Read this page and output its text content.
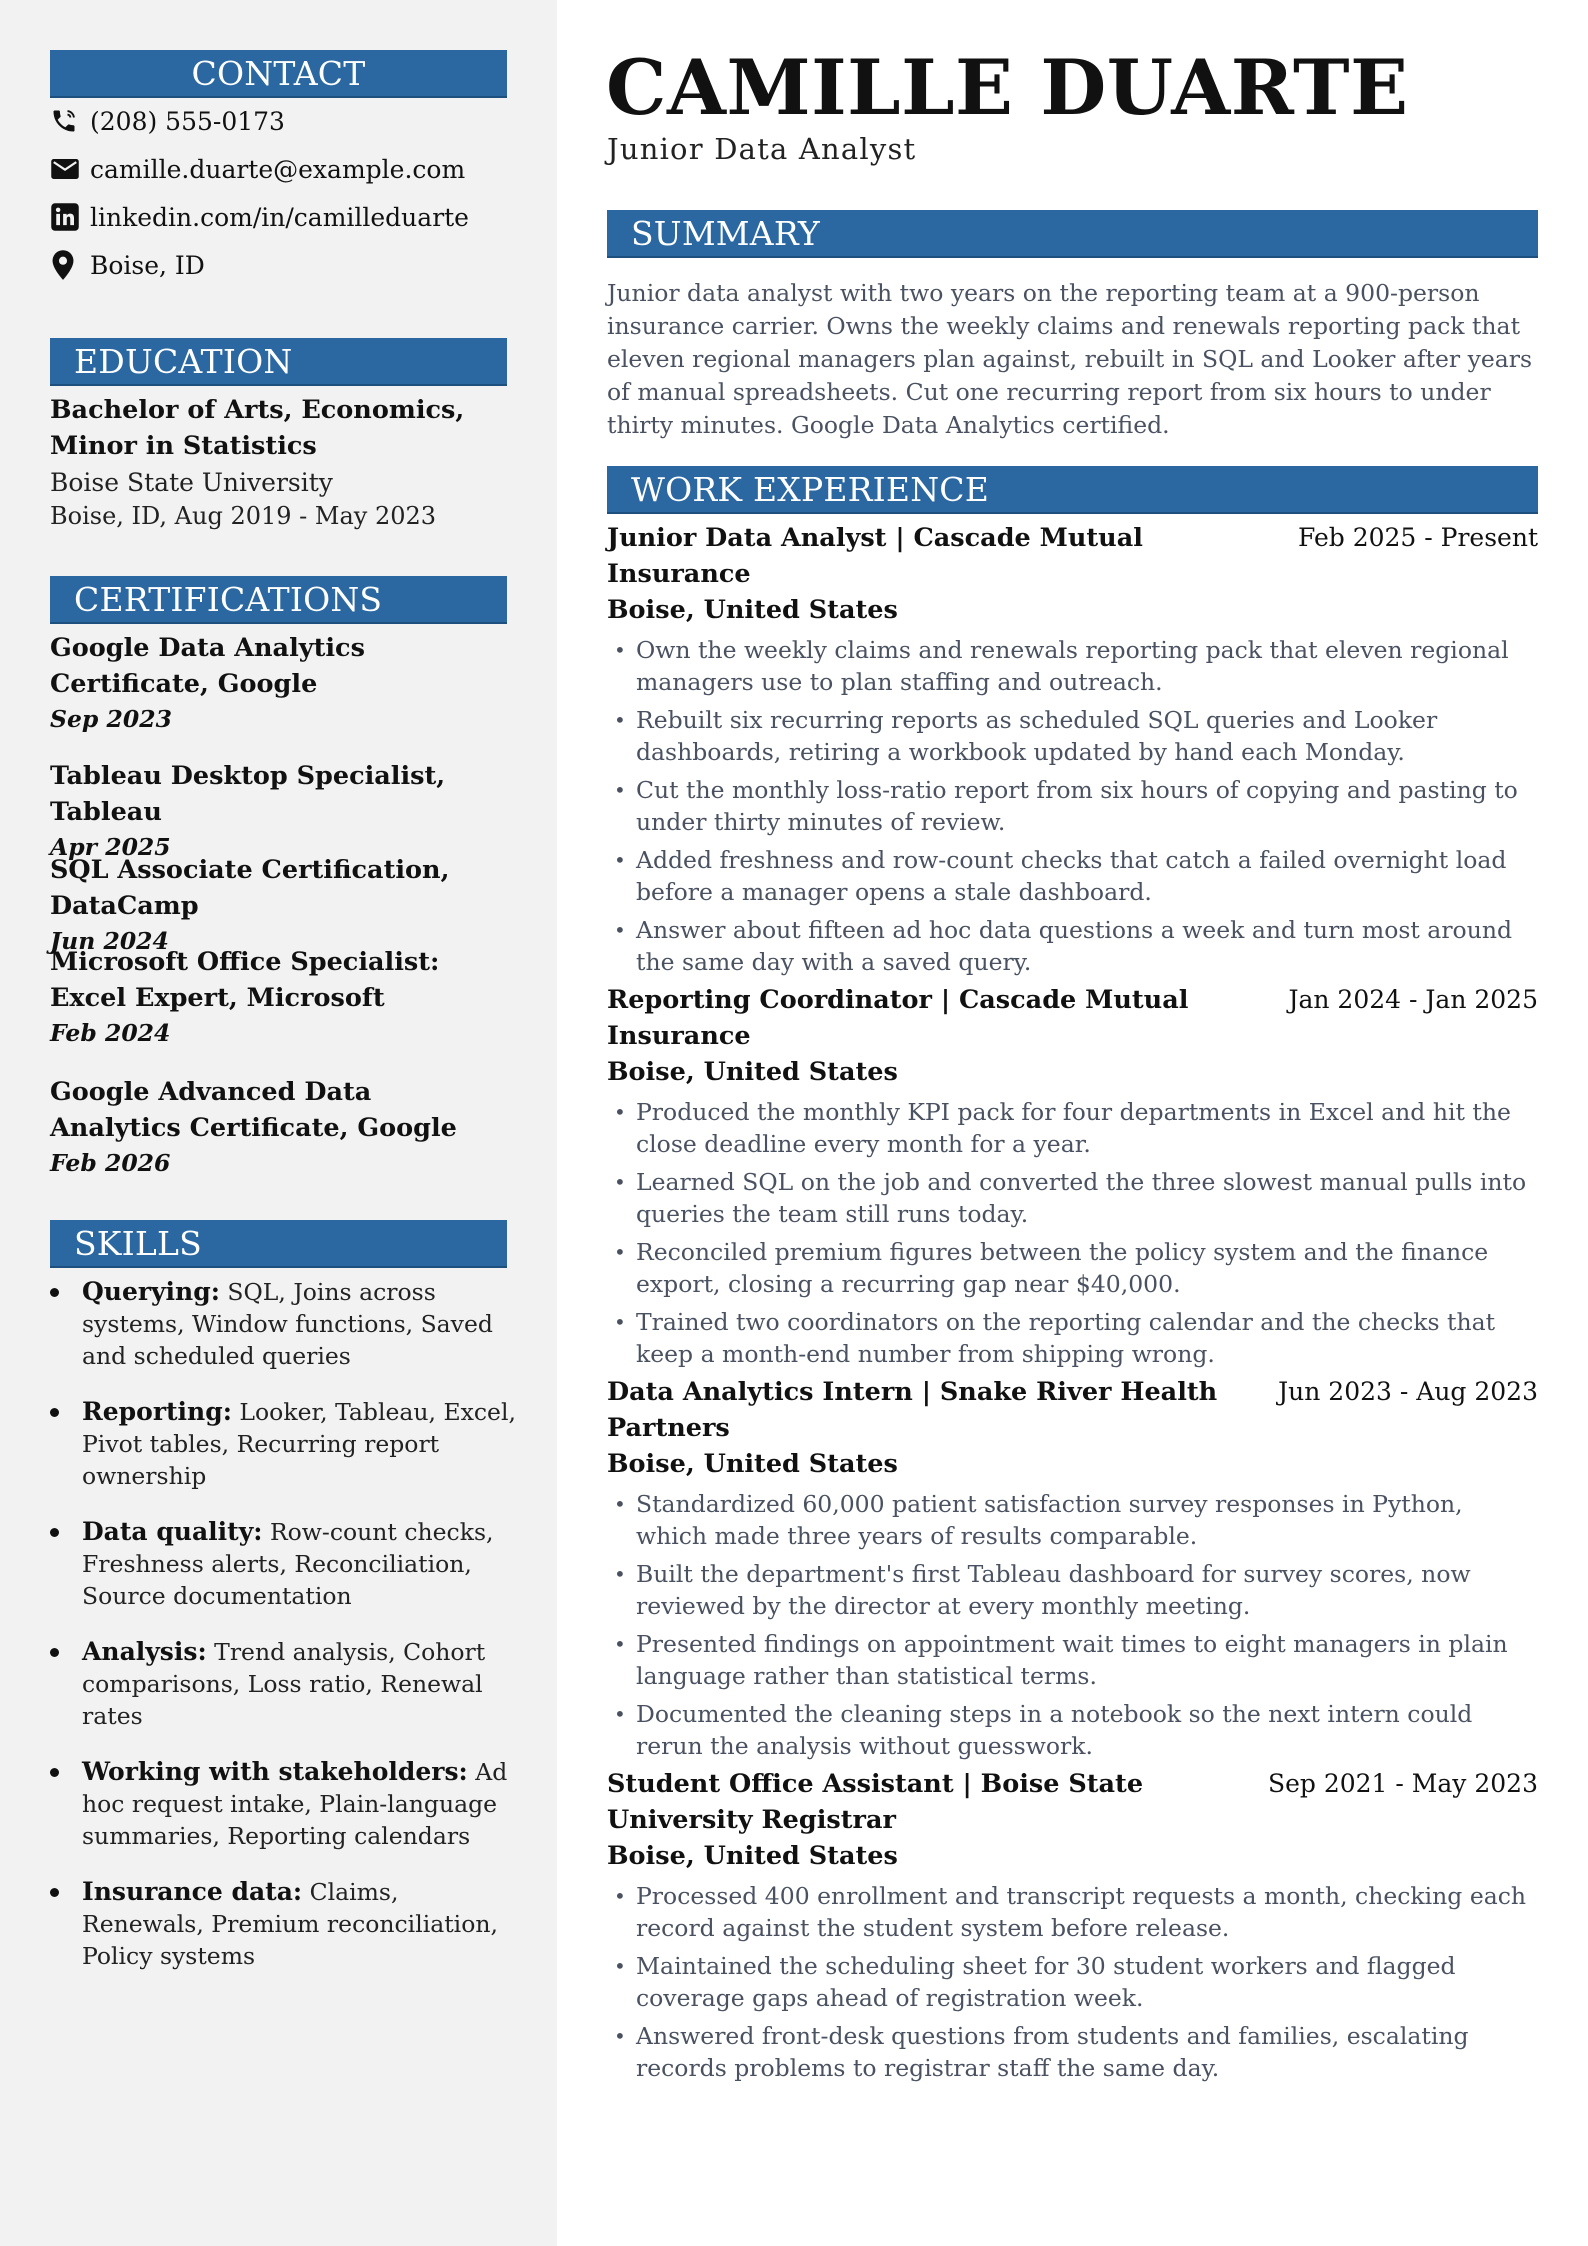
CONTACT
(208) 555-0173
camille.duarte@example.com
linkedin.com/in/camilleduarte
Boise, ID
EDUCATION
Bachelor of Arts, Economics, Minor in Statistics
Boise State University
Boise, ID, Aug 2019 - May 2023
CERTIFICATIONS
Google Data Analytics Certificate, Google
Sep 2023
Tableau Desktop Specialist, Tableau
Apr 2025
SQL Associate Certification, DataCamp
Jun 2024
Microsoft Office Specialist: Excel Expert, Microsoft
Feb 2024
Google Advanced Data Analytics Certificate, Google
Feb 2026
SKILLS
Querying: SQL, Joins across systems, Window functions, Saved and scheduled queries
Reporting: Looker, Tableau, Excel, Pivot tables, Recurring report ownership
Data quality: Row-count checks, Freshness alerts, Reconciliation, Source documentation
Analysis: Trend analysis, Cohort comparisons, Loss ratio, Renewal rates
Working with stakeholders: Ad hoc request intake, Plain-language summaries, Reporting calendars
Insurance data: Claims, Renewals, Premium reconciliation, Policy systems
CAMILLE DUARTE
Junior Data Analyst
SUMMARY
Junior data analyst with two years on the reporting team at a 900-person insurance carrier. Owns the weekly claims and renewals reporting pack that eleven regional managers plan against, rebuilt in SQL and Looker after years of manual spreadsheets. Cut one recurring report from six hours to under thirty minutes. Google Data Analytics certified.
WORK EXPERIENCE
Junior Data Analyst | Cascade Mutual Insurance
Feb 2025 - Present
Boise, United States
• Own the weekly claims and renewals reporting pack that eleven regional managers use to plan staffing and outreach.
• Rebuilt six recurring reports as scheduled SQL queries and Looker dashboards, retiring a workbook updated by hand each Monday.
• Cut the monthly loss-ratio report from six hours of copying and pasting to under thirty minutes of review.
• Added freshness and row-count checks that catch a failed overnight load before a manager opens a stale dashboard.
• Answer about fifteen ad hoc data questions a week and turn most around the same day with a saved query.
Reporting Coordinator | Cascade Mutual Insurance
Jan 2024 - Jan 2025
Boise, United States
• Produced the monthly KPI pack for four departments in Excel and hit the close deadline every month for a year.
• Learned SQL on the job and converted the three slowest manual pulls into queries the team still runs today.
• Reconciled premium figures between the policy system and the finance export, closing a recurring gap near $40,000.
• Trained two coordinators on the reporting calendar and the checks that keep a month-end number from shipping wrong.
Data Analytics Intern | Snake River Health Partners
Jun 2023 - Aug 2023
Boise, United States
• Standardized 60,000 patient satisfaction survey responses in Python, which made three years of results comparable.
• Built the department's first Tableau dashboard for survey scores, now reviewed by the director at every monthly meeting.
• Presented findings on appointment wait times to eight managers in plain language rather than statistical terms.
• Documented the cleaning steps in a notebook so the next intern could rerun the analysis without guesswork.
Student Office Assistant | Boise State University Registrar
Sep 2021 - May 2023
Boise, United States
• Processed 400 enrollment and transcript requests a month, checking each record against the student system before release.
• Maintained the scheduling sheet for 30 student workers and flagged coverage gaps ahead of registration week.
• Answered front-desk questions from students and families, escalating records problems to registrar staff the same day.
